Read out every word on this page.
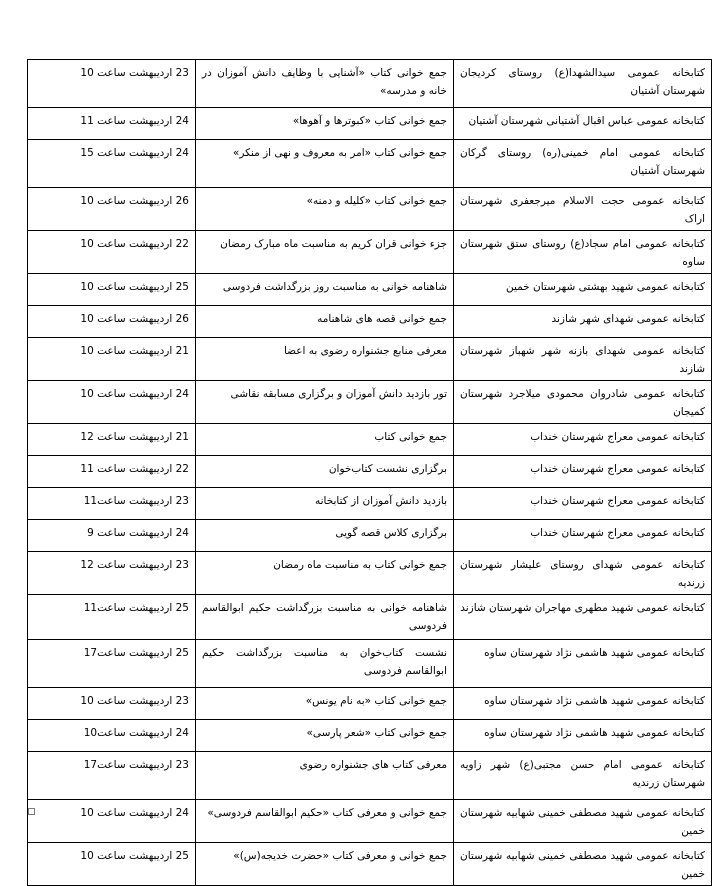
کتابخانه عمومی سیدالشهدا(ع) روستای کردیجان شهرستان آشتیان	جمع خوانی کتاب «آشنایی با وظایف دانش آموزان در خانه و مدرسه»	23 اردیبهشت ساعت 10
کتابخانه عمومی عباس اقبال آشتیانی شهرستان آشتیان	جمع خوانی کتاب «کبوترها و آهوها»	24 اردیبهشت ساعت 11
کتابخانه عمومی امام خمینی(ره) روستای گرکان شهرستان آشتیان	جمع خوانی کتاب «امر به معروف و نهی از منکر»	24 اردیبهشت ساعت 15
کتابخانه عمومی حجت الاسلام میرجعفری شهرستان اراک	جمع خوانی کتاب «کلیله و دمنه»	26 اردیبهشت ساعت 10
کتابخانه عمومی امام سجاد(ع) روستای ستق شهرستان ساوه	جزء خوانی قران کریم به مناسبت ماه مبارک رمضان	22 اردیبهشت ساعت 10
کتابخانه عمومی شهید بهشتی شهرستان خمین	شاهنامه خوانی به مناسبت روز بزرگداشت فردوسی	25 اردیبهشت ساعت 10
کتابخانه عمومی شهدای شهر شازند	جمع خوانی قصه های شاهنامه	26 اردیبهشت ساعت 10
کتابخانه عمومی شهدای بازنه شهر شهباز شهرستان شازند	معرفی منابع جشنواره رضوی به اعضا	21 اردیبهشت ساعت 10
کتابخانه عمومی شادروان محمودی میلاجرد شهرستان کمیجان	تور بازدید دانش آموزان و برگزاری مسابقه نقاشی	24 اردیبهشت ساعت 10
کتابخانه عمومی معراج شهرستان خنداب	جمع خوانی کتاب	21 اردیبهشت ساعت 12
کتابخانه عمومی معراج شهرستان خنداب	برگزاری نشست کتاب‌خوان	22 اردیبهشت ساعت 11
کتابخانه عمومی معراج شهرستان خنداب	بازدید دانش آموزان از کتابخانه	23 اردیبهشت ساعت11
کتابخانه عمومی معراج شهرستان خنداب	برگزاری کلاس قصه گویی	24 اردیبهشت ساعت 9
کتابخانه عمومی شهدای روستای علیشار شهرستان زرندیه	جمع خوانی کتاب به مناسبت ماه رمضان	23 اردیبهشت ساعت 12
کتابخانه عمومی شهید مطهری مهاجران شهرستان شازند	شاهنامه خوانی به مناسبت بزرگداشت حکیم ابوالقاسم فردوسی	25 اردیبهشت ساعت11
کتابخانه عمومی شهید هاشمی نژاد شهرستان ساوه	نشست کتاب‌خوان به مناسبت بزرگداشت حکیم ابوالقاسم فردوسی	25 اردیبهشت ساعت17
کتابخانه عمومی شهید هاشمی نژاد شهرستان ساوه	جمع خوانی کتاب «به نام یونس»	23 اردیبهشت ساعت 10
کتابخانه عمومی شهید هاشمی نژاد شهرستان ساوه	جمع خوانی کتاب «شعر پارسی»	24 اردیبهشت ساعت10
کتابخانه عمومی امام حسن مجتبی(ع) شهر زاویه شهرستان زرندیه	معرفی کتاب های جشنواره رضوی	23 اردیبهشت ساعت17
کتابخانه عمومی شهید مصطفی خمینی شهابیه شهرستان خمین	جمع خوانی و معرفی کتاب «حکیم ابوالقاسم فردوسی»	24 اردیبهشت ساعت 10
کتابخانه عمومی شهید مصطفی خمینی شهابیه شهرستان خمین	جمع خوانی و معرفی کتاب «حضرت خدیجه(س)»	25 اردیبهشت ساعت 10
